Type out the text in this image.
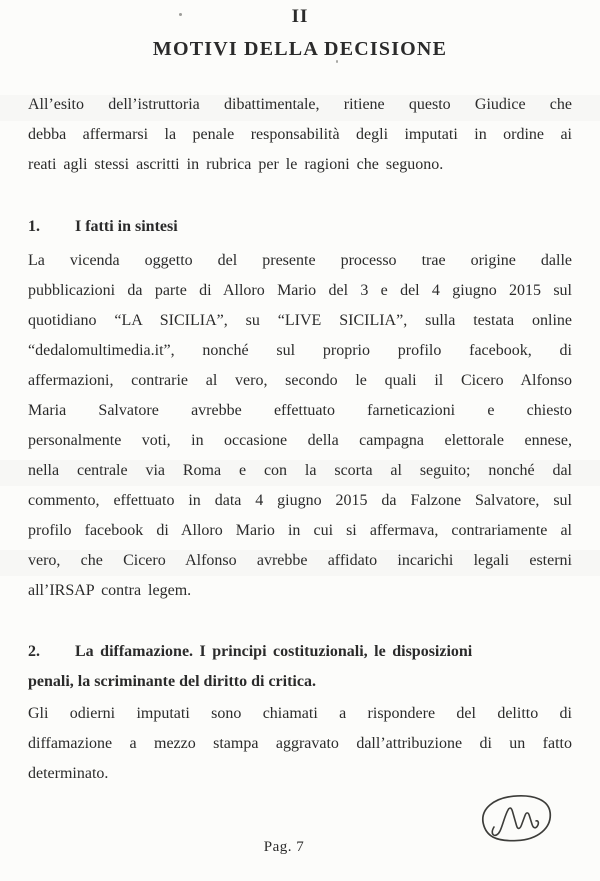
II
MOTIVI DELLA DECISIONE
All’esito dell’istruttoria dibattimentale, ritiene questo Giudice che
debba affermarsi la penale responsabilità degli imputati in ordine ai
reati agli stessi ascritti in rubrica per le ragioni che seguono.
1. I fatti in sintesi
La vicenda oggetto del presente processo trae origine dalle
pubblicazioni da parte di Alloro Mario del 3 e del 4 giugno 2015 sul
quotidiano “LA SICILIA”, su “LIVE SICILIA”, sulla testata online
“dedalomultimedia.it”, nonché sul proprio profilo facebook, di
affermazioni, contrarie al vero, secondo le quali il Cicero Alfonso
Maria Salvatore avrebbe effettuato farneticazioni e chiesto
personalmente voti, in occasione della campagna elettorale ennese,
nella centrale via Roma e con la scorta al seguito; nonché dal
commento, effettuato in data 4 giugno 2015 da Falzone Salvatore, sul
profilo facebook di Alloro Mario in cui si affermava, contrariamente al
vero, che Cicero Alfonso avrebbe affidato incarichi legali esterni
all’IRSAP contra legem.
2. La diffamazione. I principi costituzionali, le disposizioni
penali, la scriminante del diritto di critica.
Gli odierni imputati sono chiamati a rispondere del delitto di
diffamazione a mezzo stampa aggravato dall’attribuzione di un fatto
determinato.
Pag. 7
